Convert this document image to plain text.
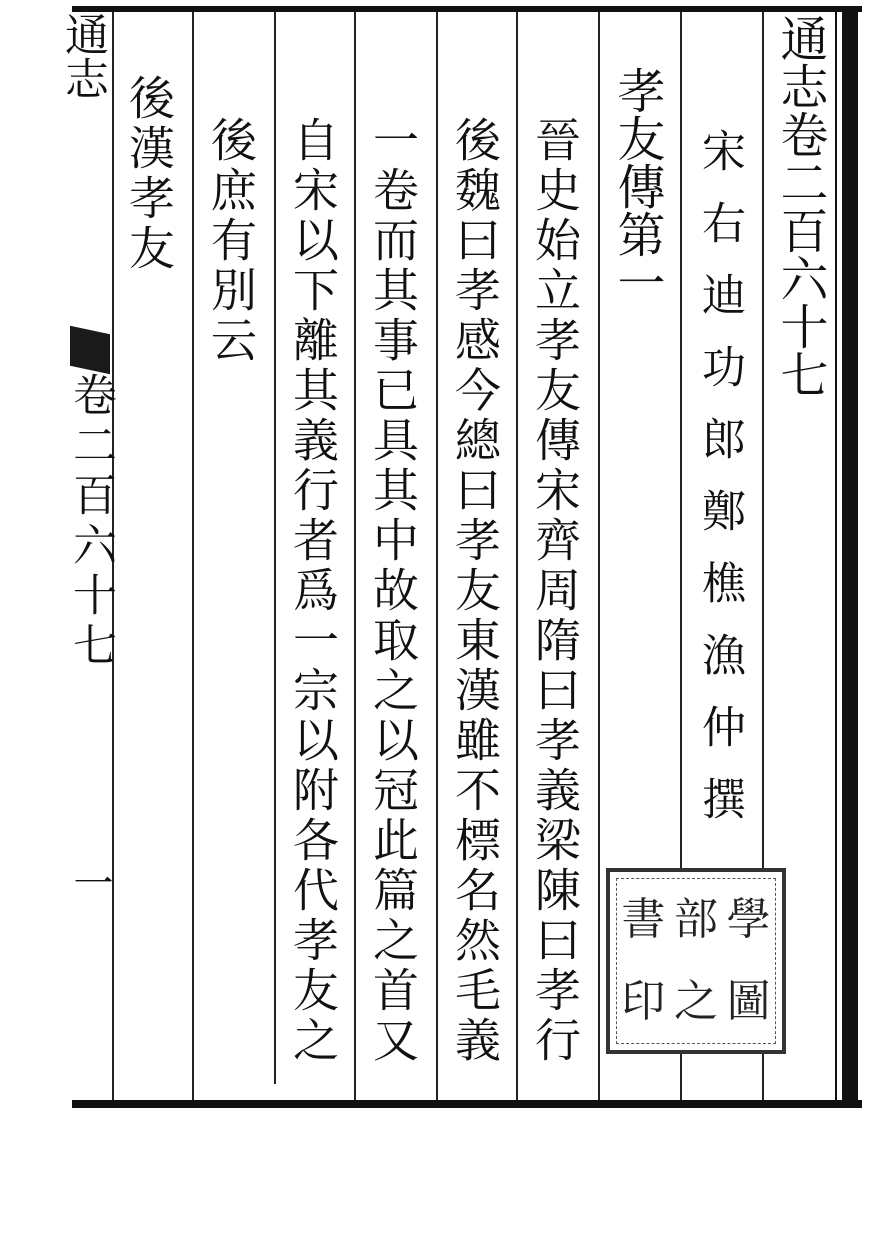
通志
卷二百六十七
一
書 部 學
印 之 圖
通志卷二百六十七
宋右迪功郎鄭樵漁仲撰
孝友傳第一
晉史始立孝友傳宋齊周隋曰孝義梁陳曰孝行
後魏曰孝感今總曰孝友東漢雖不標名然毛義
一卷而其事已具其中故取之以冠此篇之首又
自宋以下離其義行者爲一宗以附各代孝友之
後庶有別云
後漢孝友
